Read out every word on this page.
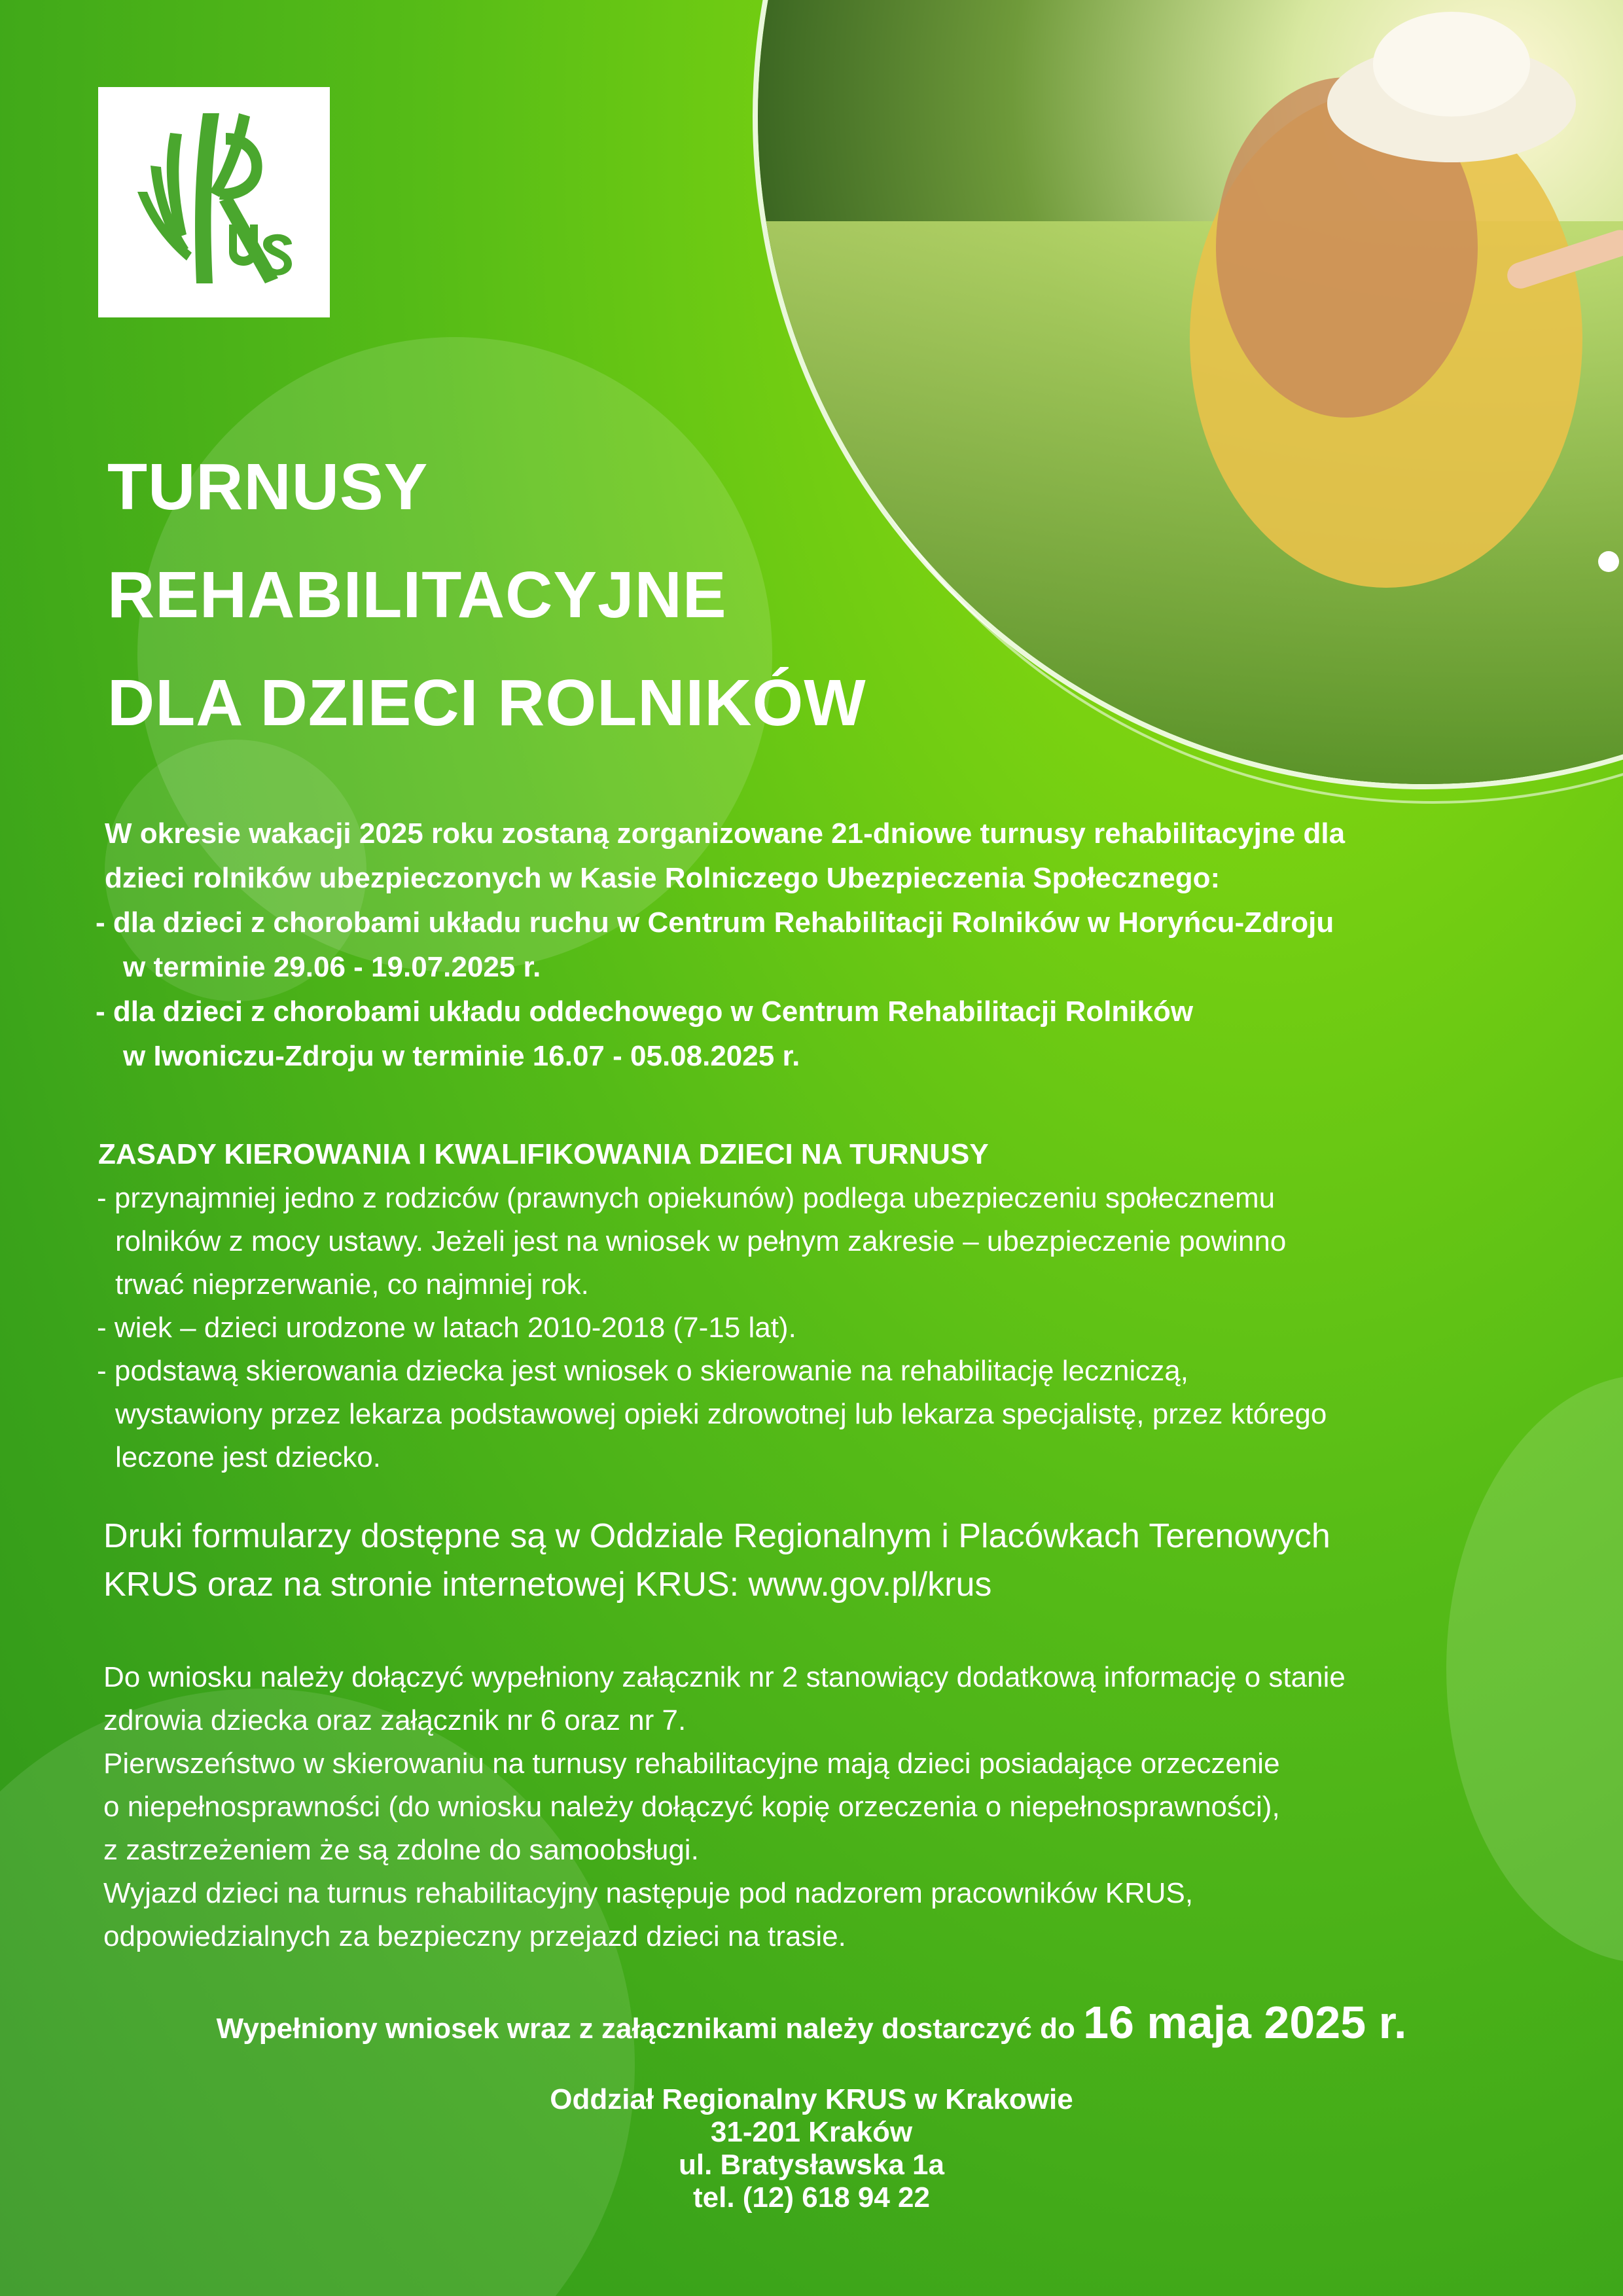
TURNUSY
REHABILITACYJNE
DLA DZIECI ROLNIKÓW
W okresie wakacji 2025 roku zostaną zorganizowane 21-dniowe turnusy rehabilitacyjne dla
dzieci rolników ubezpieczonych w Kasie Rolniczego Ubezpieczenia Społecznego:
- dla dzieci z chorobami układu ruchu w Centrum Rehabilitacji Rolników w Horyńcu-Zdroju
w terminie 29.06 - 19.07.2025 r.
- dla dzieci z chorobami układu oddechowego w Centrum Rehabilitacji Rolników
w Iwoniczu-Zdroju w terminie 16.07 - 05.08.2025 r.
ZASADY KIEROWANIA I KWALIFIKOWANIA DZIECI NA TURNUSY
- przynajmniej jedno z rodziców (prawnych opiekunów) podlega ubezpieczeniu społecznemu
rolników z mocy ustawy. Jeżeli jest na wniosek w pełnym zakresie – ubezpieczenie powinno
trwać nieprzerwanie, co najmniej rok.
- wiek – dzieci urodzone w latach 2010-2018 (7-15 lat).
- podstawą skierowania dziecka jest wniosek o skierowanie na rehabilitację leczniczą,
wystawiony przez lekarza podstawowej opieki zdrowotnej lub lekarza specjalistę, przez którego
leczone jest dziecko.
Druki formularzy dostępne są w Oddziale Regionalnym i Placówkach Terenowych
KRUS oraz na stronie internetowej KRUS: www.gov.pl/krus
Do wniosku należy dołączyć wypełniony załącznik nr 2 stanowiący dodatkową informację o stanie
zdrowia dziecka oraz załącznik nr 6 oraz nr 7.
Pierwszeństwo w skierowaniu na turnusy rehabilitacyjne mają dzieci posiadające orzeczenie
o niepełnosprawności (do wniosku należy dołączyć kopię orzeczenia o niepełnosprawności),
z zastrzeżeniem że są zdolne do samoobsługi.
Wyjazd dzieci na turnus rehabilitacyjny następuje pod nadzorem pracowników KRUS,
odpowiedzialnych za bezpieczny przejazd dzieci na trasie.
Wypełniony wniosek wraz z załącznikami należy dostarczyć do 16 maja 2025 r.
Oddział Regionalny KRUS w Krakowie
31-201 Kraków
ul. Bratysławska 1a
tel. (12) 618 94 22
